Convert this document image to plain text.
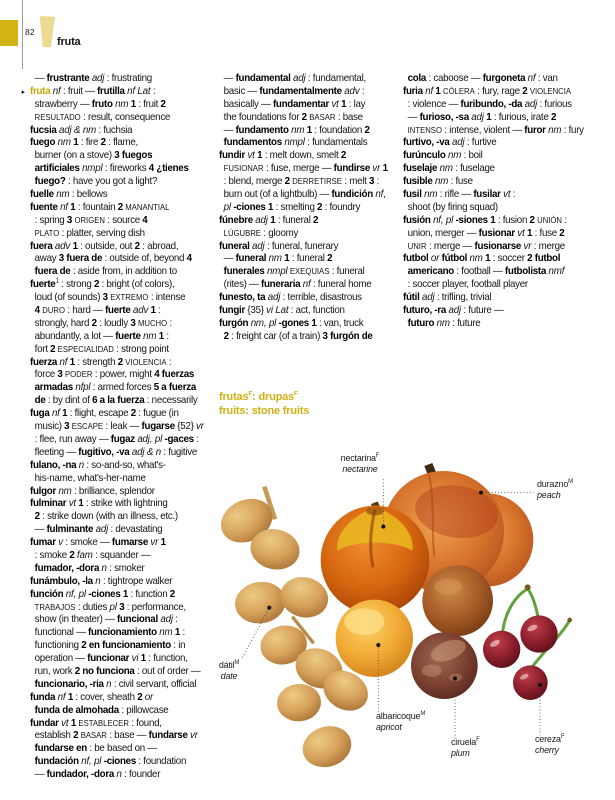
82
fruta
— frustrante adj : frustrating
▸ fruta nf : fruit — frutilla nf Lat :
strawberry — fruto nm 1 : fruit 2
RESULTADO : result, consequence
fucsia adj & nm : fuchsia
fuego nm 1 : fire 2 : flame,
burner (on a stove) 3 fuegos
artificiales nmpl : fireworks 4 ¿tienes
fuego? : have you got a light?
fuelle nm : bellows
fuente nf 1 : fountain 2 MANANTIAL
: spring 3 ORIGEN : source 4
PLATO : platter, serving dish
fuera adv 1 : outside, out 2 : abroad,
away 3 fuera de : outside of, beyond 4
fuera de : aside from, in addition to
fuerte$^1$ : strong 2 : bright (of colors),
loud (of sounds) 3 EXTREMO : intense
4 DURO : hard — fuerte adv 1 :
strongly, hard 2 : loudly 3 MUCHO :
abundantly, a lot — fuerte nm 1 :
fort 2 ESPECIALIDAD : strong point
fuerza nf 1 : strength 2 VIOLENCIA :
force 3 PODER : power, might 4 fuerzas
armadas nfpl : armed forces 5 a fuerza
de : by dint of 6 a la fuerza : necessarily
fuga nf 1 : flight, escape 2 : fugue (in
music) 3 ESCAPE : leak — fugarse {52} vr
: flee, run away — fugaz adj, pl -gaces :
fleeting — fugitivo, -va adj & n : fugitive
fulano, -na n : so-and-so, what's-
his-name, what's-her-name
fulgor nm : brilliance, splendor
fulminar vt 1 : strike with lightning
2 : strike down (with an illness, etc.)
— fulminante adj : devastating
fumar v : smoke — fumarse vr 1
: smoke 2 fam : squander —
fumador, -dora n : smoker
funámbulo, -la n : tightrope walker
función nf, pl -ciones 1 : function 2
TRABAJOS : duties pl 3 : performance,
show (in theater) — funcional adj :
functional — funcionamiento nm 1 :
functioning 2 en funcionamiento : in
operation — funcionar vi 1 : function,
run, work 2 no funciona : out of order —
funcionario, -ria n : civil servant, official
funda nf 1 : cover, sheath 2 or
funda de almohada : pillowcase
fundar vt 1 ESTABLECER : found,
establish 2 BASAR : base — fundarse vr
fundarse en : be based on —
fundación nf, pl -ciones : foundation
— fundador, -dora n : founder
— fundamental adj : fundamental,
basic — fundamentalmente adv :
basically — fundamentar vt 1 : lay
the foundations for 2 BASAR : base
— fundamento nm 1 : foundation 2
fundamentos nmpl : fundamentals
fundir vt 1 : melt down, smelt 2
FUSIONAR : fuse, merge — fundirse vr 1
: blend, merge 2 DERRETIRSE : melt 3 :
burn out (of a lightbulb) — fundición nf,
pl -ciones 1 : smelting 2 : foundry
fúnebre adj 1 : funeral 2
LÚGUBRE : gloomy
funeral adj : funeral, funerary
— funeral nm 1 : funeral 2
funerales nmpl EXEQUIAS : funeral
(rites) — funeraria nf : funeral home
funesto, ta adj : terrible, disastrous
fungir {35} vi Lat : act, function
furgón nm, pl -gones 1 : van, truck
2 : freight car (of a train) 3 furgón de
cola : caboose — furgoneta nf : van
furia nf 1 CÓLERA : fury, rage 2 VIOLENCIA
: violence — furibundo, -da adj : furious
— furioso, -sa adj 1 : furious, irate 2
INTENSO : intense, violent — furor nm : fury
furtivo, -va adj : furtive
furúnculo nm : boil
fuselaje nm : fuselage
fusible nm : fuse
fusil nm : rifle — fusilar vt :
shoot (by firing squad)
fusión nf, pl -siones 1 : fusion 2 UNIÓN :
union, merger — fusionar vt 1 : fuse 2
UNIR : merge — fusionarse vr : merge
futbol or fútbol nm 1 : soccer 2 futbol
americano : football — futbolista nmf
: soccer player, football player
fútil adj : trifling, trivial
futuro, -ra adj : future —
futuro nm : future
frutas$^F$: drupas$^F$
fruits: stone fruits
nectarina$^F$
nectarine
durazno$^M$
peach
dátil$^M$
date
albaricoque$^M$
apricot
ciruela$^F$
plum
cereza$^F$
cherry
